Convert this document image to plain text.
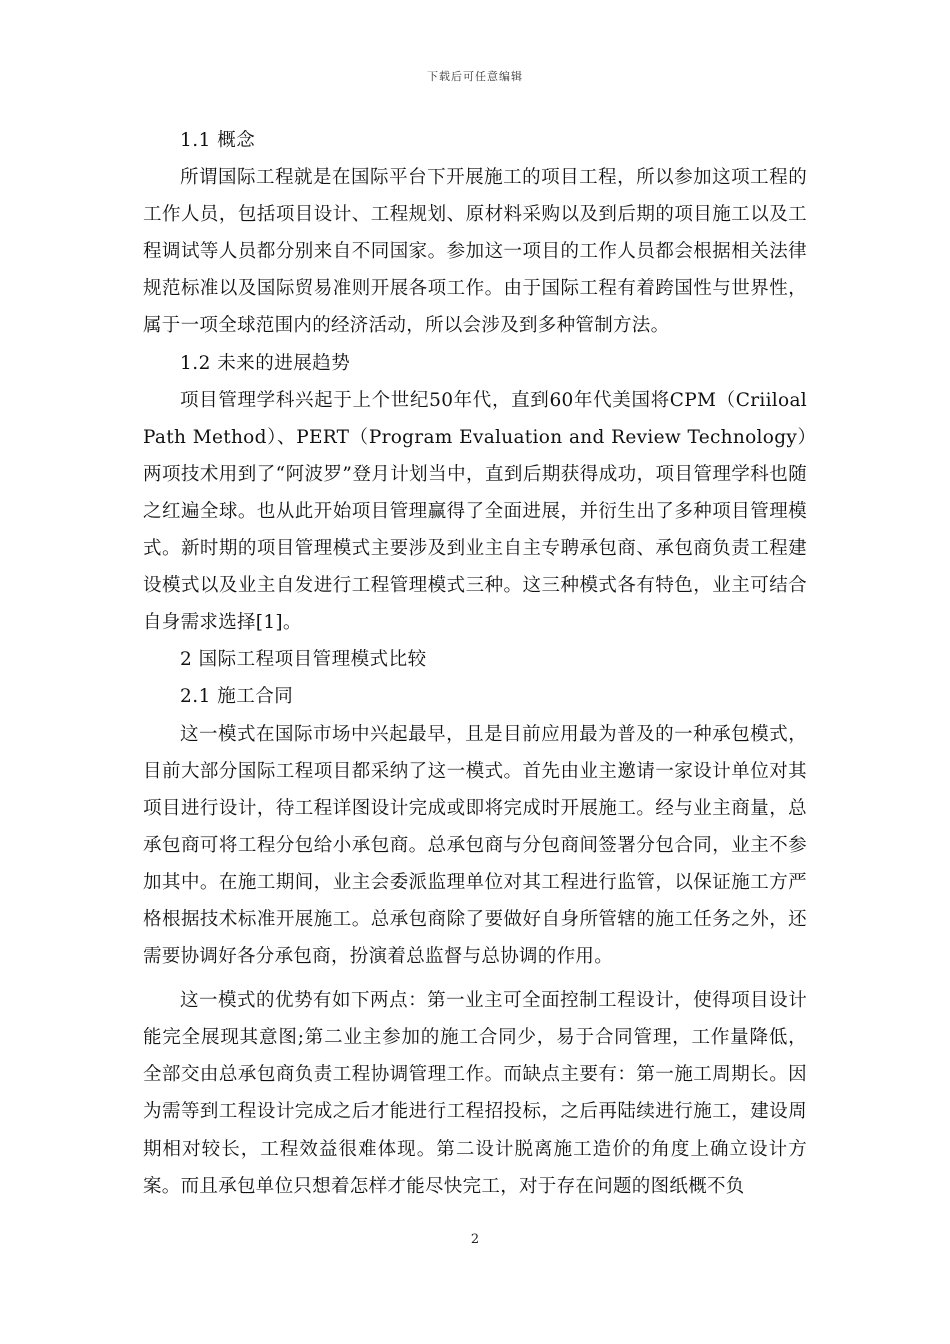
下载后可任意编辑

1.1 概念

所谓国际工程就是在国际平台下开展施工的项目工程，所以参加这项工程的工作人员，包括项目设计、工程规划、原材料采购以及到后期的项目施工以及工程调试等人员都分别来自不同国家。参加这一项目的工作人员都会根据相关法律规范标准以及国际贸易准则开展各项工作。由于国际工程有着跨国性与世界性，属于一项全球范围内的经济活动，所以会涉及到多种管制方法。

1.2 未来的进展趋势

项目管理学科兴起于上个世纪50年代，直到60年代美国将CPM（Criiloal Path Method）、PERT（Program Evaluation and Review Technology）两项技术用到了“阿波罗”登月计划当中，直到后期获得成功，项目管理学科也随之红遍全球。也从此开始项目管理赢得了全面进展，并衍生出了多种项目管理模式。新时期的项目管理模式主要涉及到业主自主专聘承包商、承包商负责工程建设模式以及业主自发进行工程管理模式三种。这三种模式各有特色，业主可结合自身需求选择[1]。

2 国际工程项目管理模式比较

2.1 施工合同

这一模式在国际市场中兴起最早，且是目前应用最为普及的一种承包模式，目前大部分国际工程项目都采纳了这一模式。首先由业主邀请一家设计单位对其项目进行设计，待工程详图设计完成或即将完成时开展施工。经与业主商量，总承包商可将工程分包给小承包商。总承包商与分包商间签署分包合同，业主不参加其中。在施工期间，业主会委派监理单位对其工程进行监管，以保证施工方严格根据技术标准开展施工。总承包商除了要做好自身所管辖的施工任务之外，还需要协调好各分承包商，扮演着总监督与总协调的作用。

这一模式的优势有如下两点：第一业主可全面控制工程设计，使得项目设计能完全展现其意图;第二业主参加的施工合同少，易于合同管理，工作量降低，全部交由总承包商负责工程协调管理工作。而缺点主要有：第一施工周期长。因为需等到工程设计完成之后才能进行工程招投标，之后再陆续进行施工，建设周期相对较长，工程效益很难体现。第二设计脱离施工造价的角度上确立设计方案。而且承包单位只想着怎样才能尽快完工，对于存在问题的图纸概不负

2
